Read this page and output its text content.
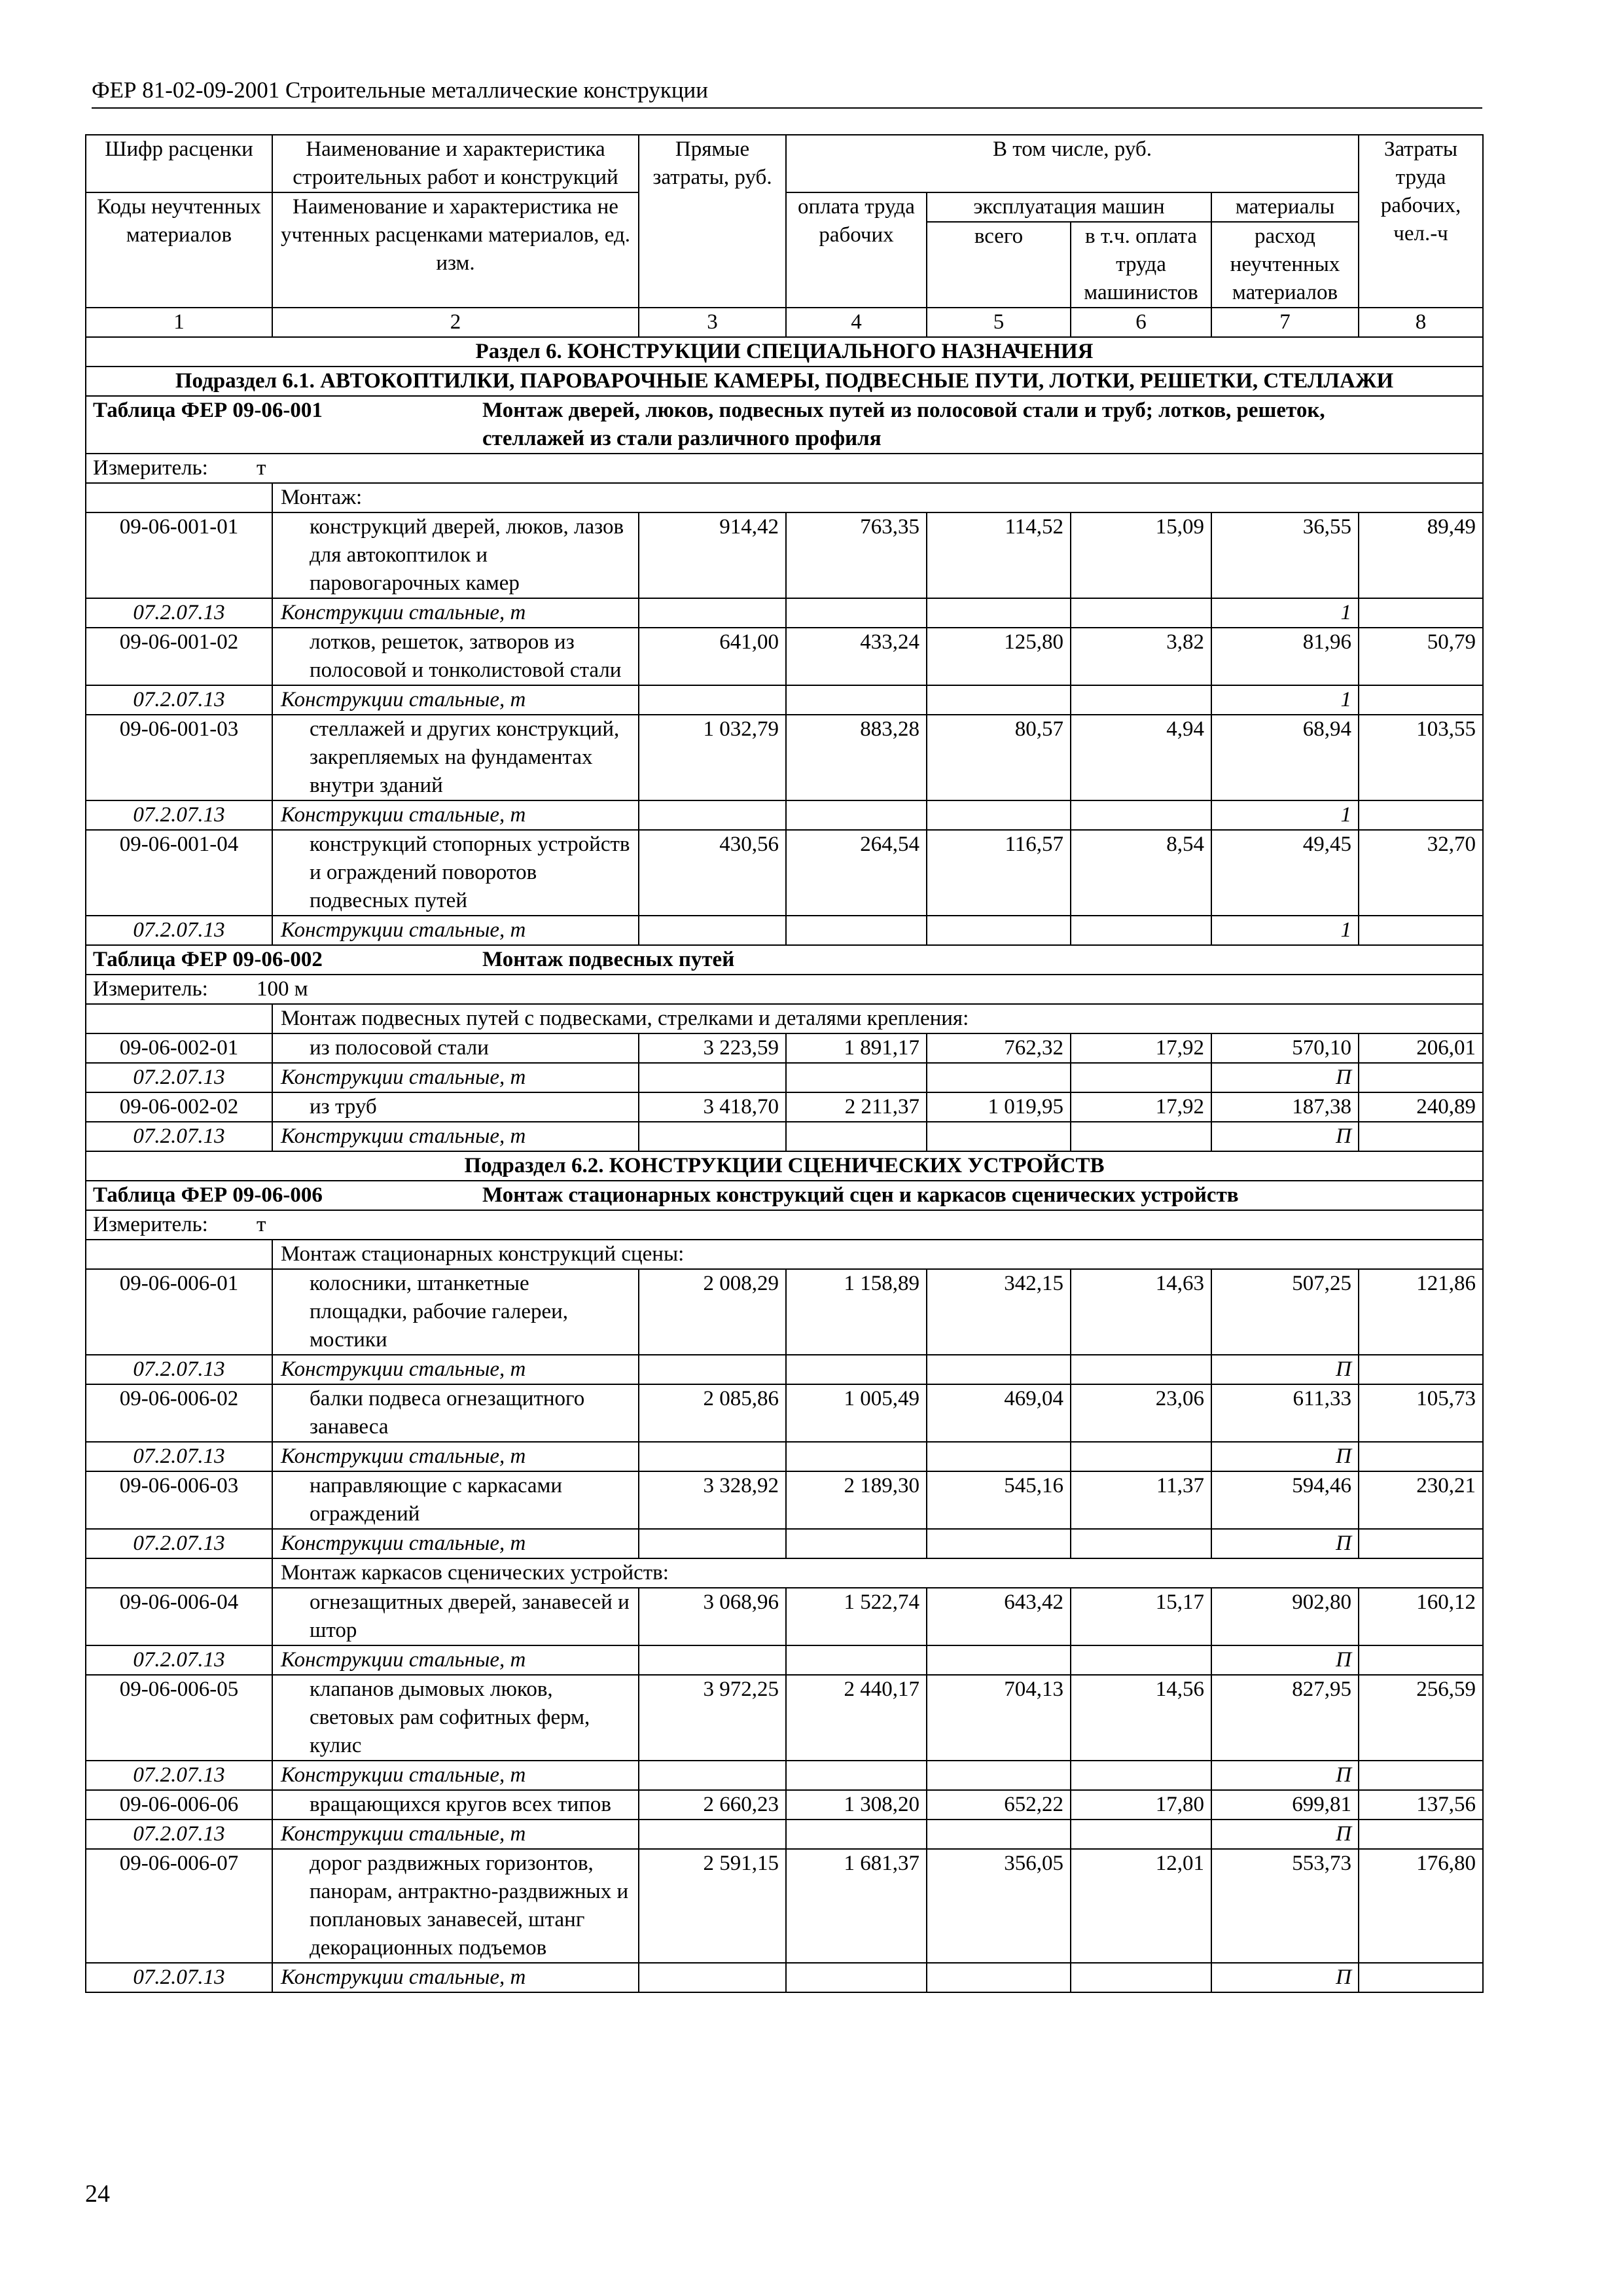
ФЕР 81-02-09-2001 Строительные металлические конструкции
Шифр расценки	Наименование и характеристика строительных работ и конструкций	Прямые затраты, руб.	В том числе, руб.				Затраты труда рабочих, чел.-ч
Коды неучтенных материалов	Наименование и характеристика не учтенных расценками материалов, ед. изм.		оплата труда рабочих	эксплуатация машин		материалы	
				всего	в т.ч. оплата труда машинистов	расход неучтенных материалов	
1	2	3	4	5	6	7	8
Раздел 6. КОНСТРУКЦИИ СПЕЦИАЛЬНОГО НАЗНАЧЕНИЯ							
Подраздел 6.1. АВТОКОПТИЛКИ, ПАРОВАРОЧНЫЕ КАМЕРЫ, ПОДВЕСНЫЕ ПУТИ, ЛОТКИ, РЕШЕТКИ, СТЕЛЛАЖИ							
Таблица ФЕР 09-06-001 Монтаж дверей, люков, подвесных путей из полосовой стали и труб; лотков, решеток, стеллажей из стали различного профиля							
Измеритель: т							
	Монтаж:						
09-06-001-01	конструкций дверей, люков, лазов для автокоптилок и паровогарочных камер	914,42	763,35	114,52	15,09	36,55	89,49
07.2.07.13	Конструкции стальные, т					1	
09-06-001-02	лотков, решеток, затворов из полосовой и тонколистовой стали	641,00	433,24	125,80	3,82	81,96	50,79
07.2.07.13	Конструкции стальные, т					1	
09-06-001-03	стеллажей и других конструкций, закрепляемых на фундаментах внутри зданий	1 032,79	883,28	80,57	4,94	68,94	103,55
07.2.07.13	Конструкции стальные, т					1	
09-06-001-04	конструкций стопорных устройств и ограждений поворотов подвесных путей	430,56	264,54	116,57	8,54	49,45	32,70
07.2.07.13	Конструкции стальные, т					1	
Таблица ФЕР 09-06-002 Монтаж подвесных путей							
Измеритель: 100 м							
	Монтаж подвесных путей с подвесками, стрелками и деталями крепления:						
09-06-002-01	из полосовой стали	3 223,59	1 891,17	762,32	17,92	570,10	206,01
07.2.07.13	Конструкции стальные, т					П	
09-06-002-02	из труб	3 418,70	2 211,37	1 019,95	17,92	187,38	240,89
07.2.07.13	Конструкции стальные, т					П	
Подраздел 6.2. КОНСТРУКЦИИ СЦЕНИЧЕСКИХ УСТРОЙСТВ							
Таблица ФЕР 09-06-006 Монтаж стационарных конструкций сцен и каркасов сценических устройств							
Измеритель: т							
	Монтаж стационарных конструкций сцены:						
09-06-006-01	колосники, штанкетные площадки, рабочие галереи, мостики	2 008,29	1 158,89	342,15	14,63	507,25	121,86
07.2.07.13	Конструкции стальные, т					П	
09-06-006-02	балки подвеса огнезащитного занавеса	2 085,86	1 005,49	469,04	23,06	611,33	105,73
07.2.07.13	Конструкции стальные, т					П	
09-06-006-03	направляющие с каркасами ограждений	3 328,92	2 189,30	545,16	11,37	594,46	230,21
07.2.07.13	Конструкции стальные, т					П	
	Монтаж каркасов сценических устройств:						
09-06-006-04	огнезащитных дверей, занавесей и штор	3 068,96	1 522,74	643,42	15,17	902,80	160,12
07.2.07.13	Конструкции стальные, т					П	
09-06-006-05	клапанов дымовых люков, световых рам софитных ферм, кулис	3 972,25	2 440,17	704,13	14,56	827,95	256,59
07.2.07.13	Конструкции стальные, т					П	
09-06-006-06	вращающихся кругов всех типов	2 660,23	1 308,20	652,22	17,80	699,81	137,56
07.2.07.13	Конструкции стальные, т					П	
09-06-006-07	дорог раздвижных горизонтов, панорам, антрактно-раздвижных и поплановых занавесей, штанг декорационных подъемов	2 591,15	1 681,37	356,05	12,01	553,73	176,80
07.2.07.13	Конструкции стальные, т					П	
24
